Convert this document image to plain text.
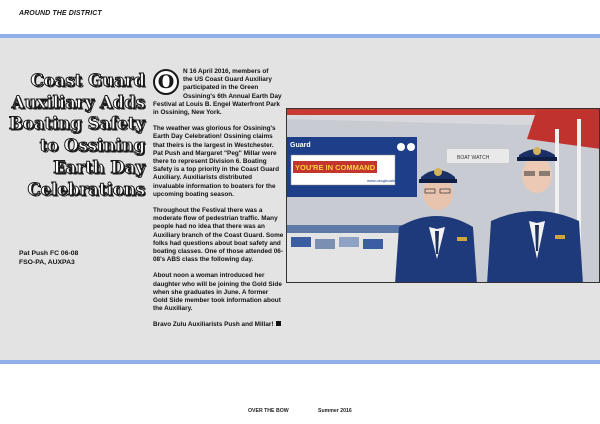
AROUND THE DISTRICT
Coast Guard Auxiliary Adds Boating Safety to Ossining Earth Day Celebrations
Pat Push FC 06-08
FSO-PA, AUXPA3

O	N 16 April 2016, members of
the US Coast Guard Auxiliary participated in the Green Ossining's 6th Annual Earth Day Festival at Louis B. Engel Waterfront Park in Ossining, New York.

The weather was glorious for Ossining's Earth Day Celebration! Ossining claims that theirs is the largest in Westchester. Pat Push and Margaret "Peg" Millar were there to represent Division 6. Boating Safety is a top priority in the Coast Guard Auxiliary. Auxiliarists distributed invaluable information to boaters for the upcoming boating season.

Throughout the Festival there was a moderate flow of pedestrian traffic. Many people had no idea that there was an Auxiliary branch of the Coast Guard. Some folks had questions about boat safety and boating classes. One of those attended 06-08's ABS class the following day.

About noon a woman introduced her daughter who will be joining the Gold Side when she graduates in June. A former Gold Side member took information about the Auxiliary.

Bravo Zulu Auxiliarists Push and Millar!

Guard
YOU'RE IN COMMAND
www.uscgboating.org
BOAT WATCH
OVER THE BOW	Summer 2016
